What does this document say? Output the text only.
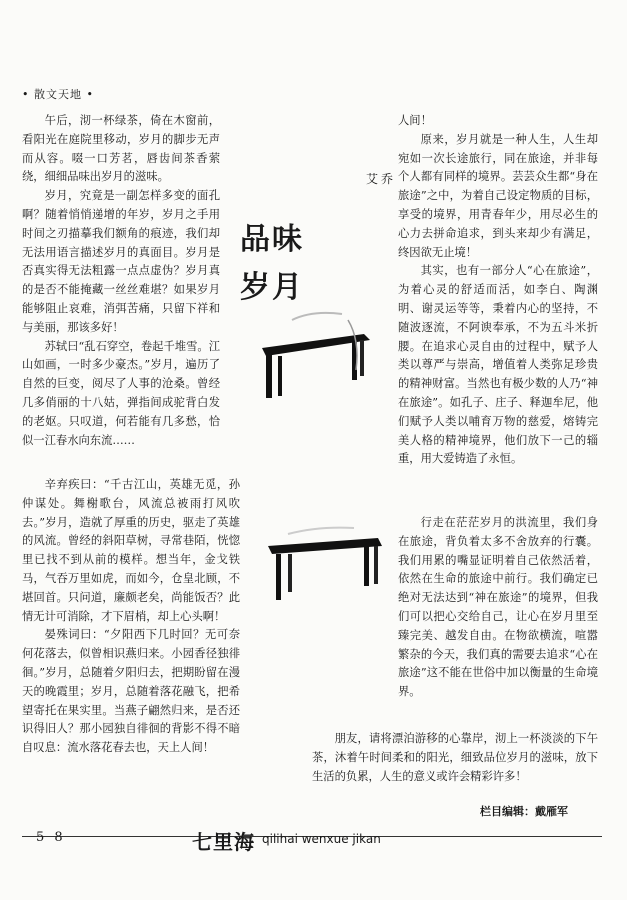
• 散文天地 •

午后，沏一杯绿茶，倚在木窗前，看阳光在庭院里移动，岁月的脚步无声而从容。啜一口芳茗，唇齿间茶香萦绕，细细品味出岁月的滋味。

岁月，究竟是一副怎样多变的面孔啊？随着悄悄递增的年岁，岁月之手用时间之刃描摹我们额角的痕迹，我们却无法用语言描述岁月的真面目。岁月是否真实得无法粗露一点点虚伪？岁月真的是否不能掩藏一丝丝难堪？如果岁月能够阻止哀难，消弭苦痛，只留下祥和与美丽，那该多好！

苏轼曰“乱石穿空，卷起千堆雪。江山如画，一时多少豪杰。”岁月，遍历了自然的巨变，阅尽了人事的沧桑。曾经几多俏丽的十八姑，弹指间成驼背白发的老妪。只叹道，何若能有几多愁，恰似一江春水向东流……

品味
岁月
艾乔

辛弃疾曰：“千古江山，英雄无觅，孙仲谋处。舞榭歌台，风流总被雨打风吹去。”岁月，造就了厚重的历史，驱走了英雄的风流。曾经的斜阳草树，寻常巷陌，恍惚里已找不到从前的模样。想当年，金戈铁马，气吞万里如虎，而如今，仓皇北顾，不堪回首。只问道，廉颇老矣，尚能饭否？此情无计可消除，才下眉梢，却上心头啊！

晏殊词曰：“夕阳西下几时回？无可奈何花落去，似曾相识燕归来。小园香径独徘徊。”岁月，总随着夕阳归去，把期盼留在漫天的晚霞里；岁月，总随着落花融飞，把希望寄托在果实里。当燕子翩然归来，是否还识得旧人？那小园独自徘徊的背影不得不暗自叹息：流水落花春去也，天上人间！

人间！

原来，岁月就是一种人生，人生却宛如一次长途旅行，同在旅途，并非每个人都有同样的境界。芸芸众生都“身在旅途”之中，为着自己设定物质的目标，享受的境界，用青春年少，用尽必生的心力去拼命追求，到头来却少有满足，终因欲无止境！

其实，也有一部分人“心在旅途”，为着心灵的舒适而活，如李白、陶渊明、谢灵运等等，秉着内心的坚持，不随波逐流，不阿谀奉承，不为五斗米折腰。在追求心灵自由的过程中，赋予人类以尊严与崇高，增值着人类弥足珍贵的精神财富。当然也有极少数的人乃“神在旅途”。如孔子、庄子、释迦牟尼，他们赋予人类以哺育万物的慈爱，熔铸完美人格的精神境界，他们放下一己的辎重，用大爱铸造了永恒。

行走在茫茫岁月的洪流里，我们身在旅途，背负着太多不舍放弃的行囊。我们用累的嘴显证明着自己依然活着，依然在生命的旅途中前行。我们确定已绝对无法达到“神在旅途”的境界，但我们可以把心交给自己，让心在岁月里至臻完美、越发自由。在物欲横流，喧嚣繁杂的今天，我们真的需要去追求“心在旅途”这不能在世俗中加以衡量的生命境界。

朋友，请将漂泊游移的心靠岸，沏上一杯淡淡的下午茶，沐着午时间柔和的阳光，细致品位岁月的滋味，放下生活的负累，人生的意义或许会精彩许多！

栏目编辑：戴雁军
5 8	七里海 qilihai wenxue jikan
